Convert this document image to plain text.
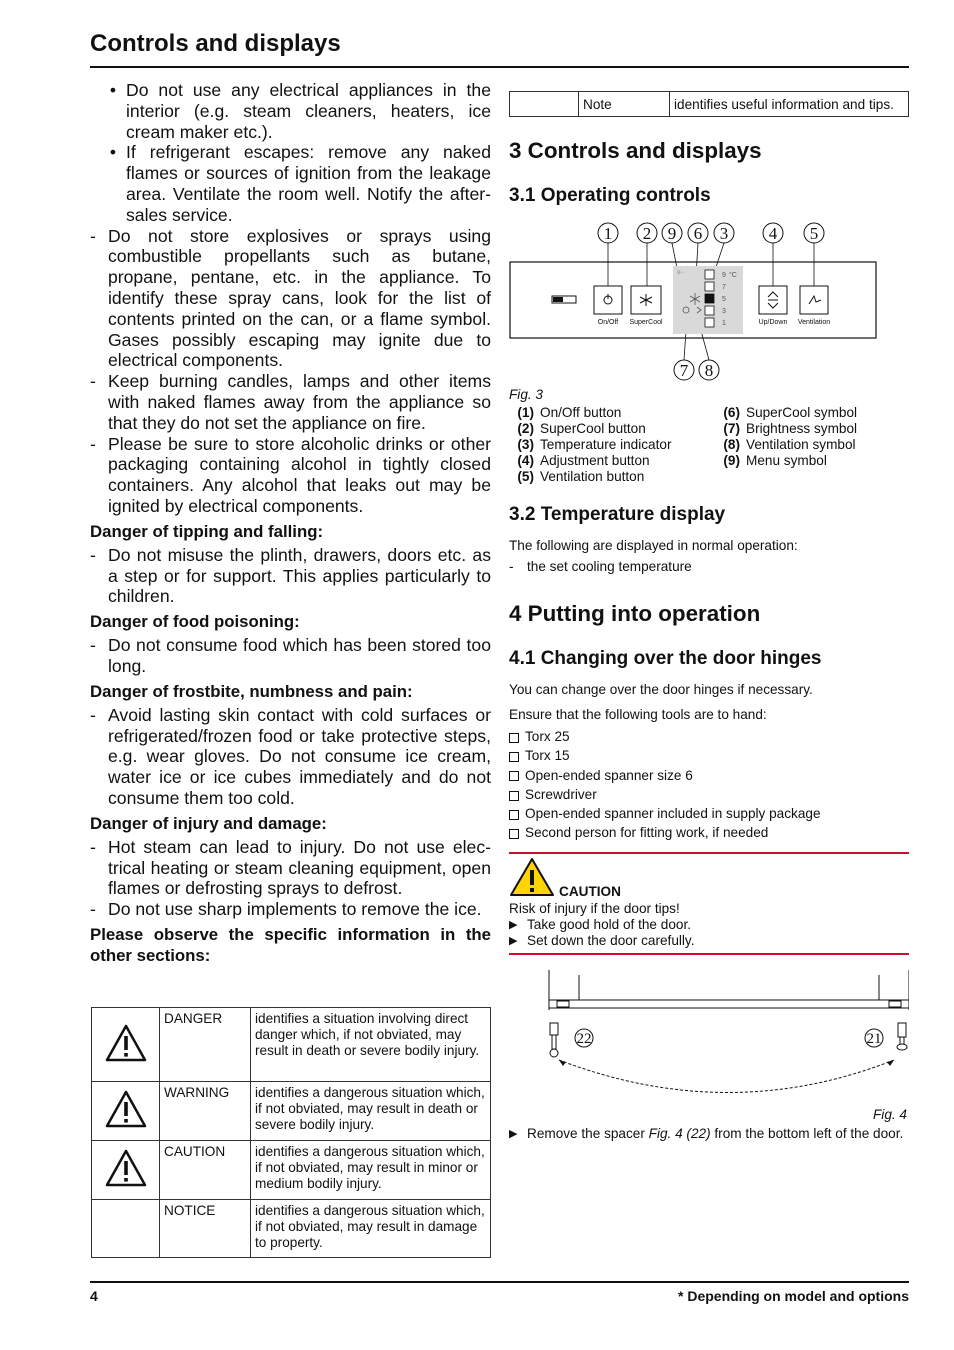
Controls and displays
• Do not use any electrical appliances in the interior (e.g. steam cleaners, heaters, ice cream maker etc.).
• If refrigerant escapes: remove any naked flames or sources of ignition from the leakage area. Ventilate the room well. Notify the after-sales service.
- Do not store explosives or sprays using combustible propellants such as butane, propane, pentane, etc. in the appliance. To identify these spray cans, look for the list of contents printed on the can, or a flame symbol. Gases possibly escaping may ignite due to electrical components.
- Keep burning candles, lamps and other items with naked flames away from the appliance so that they do not set the appliance on fire.
- Please be sure to store alcoholic drinks or other packaging containing alcohol in tightly closed containers. Any alcohol that leaks out may be ignited by electrical components.
Danger of tipping and falling:
- Do not misuse the plinth, drawers, doors etc. as a step or for support. This applies particularly to children.
Danger of food poisoning:
- Do not consume food which has been stored too long.
Danger of frostbite, numbness and pain:
- Avoid lasting skin contact with cold surfaces or refrigerated/frozen food or take protective steps, e.g. wear gloves. Do not consume ice cream, water ice or ice cubes immediately and do not consume them too cold.
Danger of injury and damage:
- Hot steam can lead to injury. Do not use electrical heating or steam cleaning equipment, open flames or defrosting sprays to defrost.
- Do not use sharp implements to remove the ice.
Please observe the specific information in the other sections:
	DANGER	identifies a situation involving direct danger which, if not obviated, may result in death or severe bodily injury.
	WARNING	identifies a dangerous situation which, if not obviated, may result in death or severe bodily injury.
	CAUTION	identifies a dangerous situation which, if not obviated, may result in minor or medium bodily injury.
	NOTICE	identifies a dangerous situation which, if not obviated, may result in damage to property.
	Note	identifies useful information and tips.
3 Controls and displays
3.1 Operating controls
1 2 9 6 3 4 5
7 8
On/Off SuperCool
≡··	9 °C
7
5
3
1	Up/Down Ventilation
Fig. 3
(1) On/Off button	(6) SuperCool symbol
(2) SuperCool button	(7) Brightness symbol
(3) Temperature indicator	(8) Ventilation symbol
(4) Adjustment button	(9) Menu symbol
(5) Ventilation button
3.2 Temperature display
The following are displayed in normal operation:
- the set cooling temperature
4 Putting into operation
4.1 Changing over the door hinges
You can change over the door hinges if necessary.
Ensure that the following tools are to hand:
Torx 25
Torx 15
Open-ended spanner size 6
Screwdriver
Open-ended spanner included in supply package
Second person for fitting work, if needed
CAUTION
Risk of injury if the door tips!
▶ Take good hold of the door.
▶ Set down the door carefully.
22	21
Fig. 4
▶ Remove the spacer Fig. 4 (22) from the bottom left of the door.
4	* Depending on model and options
